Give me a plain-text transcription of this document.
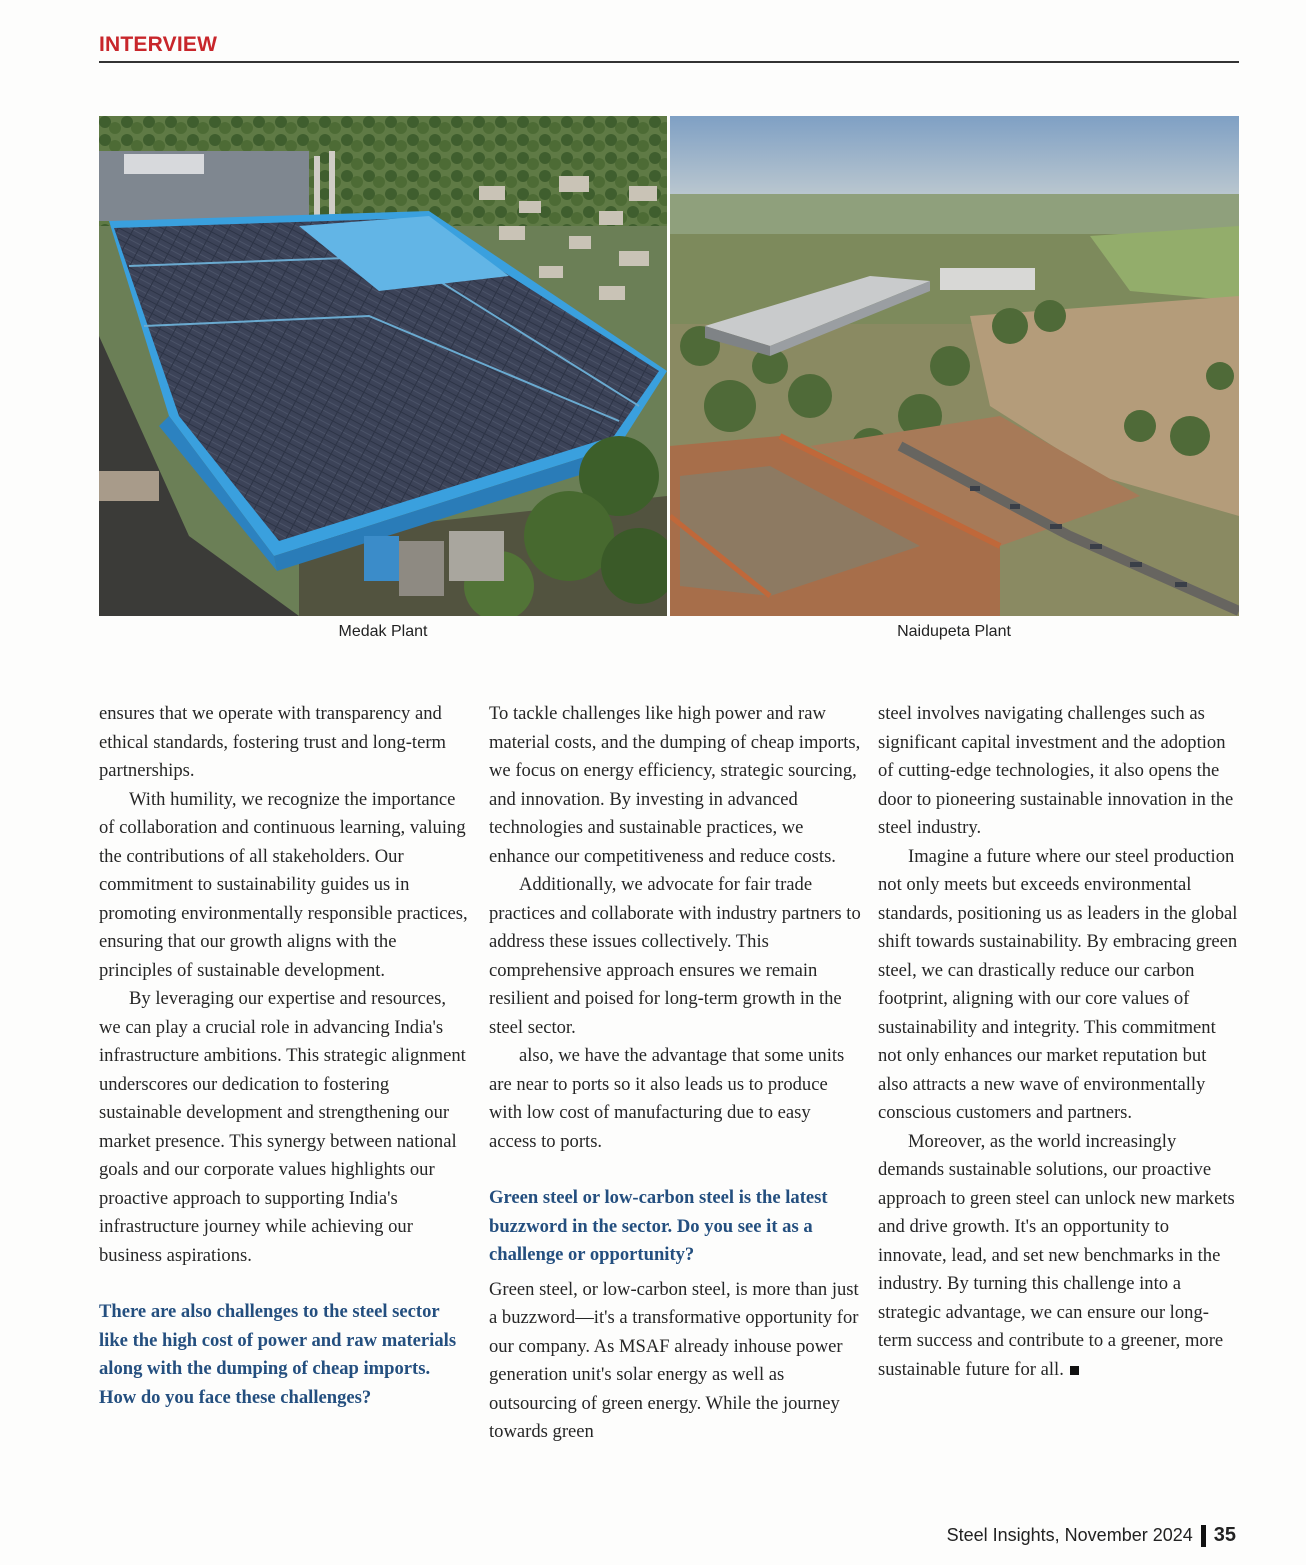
INTERVIEW
Medak Plant	Naidupeta Plant

ensures that we operate with transparency and ethical standards, fostering trust and long-term partnerships.

With humility, we recognize the importance of collaboration and continuous learning, valuing the contributions of all stakeholders. Our commitment to sustainability guides us in promoting environmentally responsible practices, ensuring that our growth aligns with the principles of sustainable development.

By leveraging our expertise and resources, we can play a crucial role in advancing India's infrastructure ambitions. This strategic alignment underscores our dedication to fostering sustainable development and strengthening our market presence. This synergy between national goals and our corporate values highlights our proactive approach to supporting India's infrastructure journey while achieving our business aspirations.

There are also challenges to the steel sector like the high cost of power and raw materials along with the dumping of cheap imports. How do you face these challenges?

To tackle challenges like high power and raw material costs, and the dumping of cheap imports, we focus on energy efficiency, strategic sourcing, and innovation. By investing in advanced technologies and sustainable practices, we enhance our competitiveness and reduce costs.

Additionally, we advocate for fair trade practices and collaborate with industry partners to address these issues collectively. This comprehensive approach ensures we remain resilient and poised for long-term growth in the steel sector.

also, we have the advantage that some units are near to ports so it also leads us to produce with low cost of manufacturing due to easy access to ports.

Green steel or low-carbon steel is the latest buzzword in the sector. Do you see it as a challenge or opportunity?

Green steel, or low-carbon steel, is more than just a buzzword—it's a transformative opportunity for our company. As MSAF already inhouse power generation unit's solar energy as well as outsourcing of green energy. While the journey towards green

steel involves navigating challenges such as significant capital investment and the adoption of cutting-edge technologies, it also opens the door to pioneering sustainable innovation in the steel industry.

Imagine a future where our steel production not only meets but exceeds environmental standards, positioning us as leaders in the global shift towards sustainability. By embracing green steel, we can drastically reduce our carbon footprint, aligning with our core values of sustainability and integrity. This commitment not only enhances our market reputation but also attracts a new wave of environmentally conscious customers and partners.

Moreover, as the world increasingly demands sustainable solutions, our proactive approach to green steel can unlock new markets and drive growth. It's an opportunity to innovate, lead, and set new benchmarks in the industry. By turning this challenge into a strategic advantage, we can ensure our long-term success and contribute to a greener, more sustainable future for all.

Steel Insights, November 2024 35
